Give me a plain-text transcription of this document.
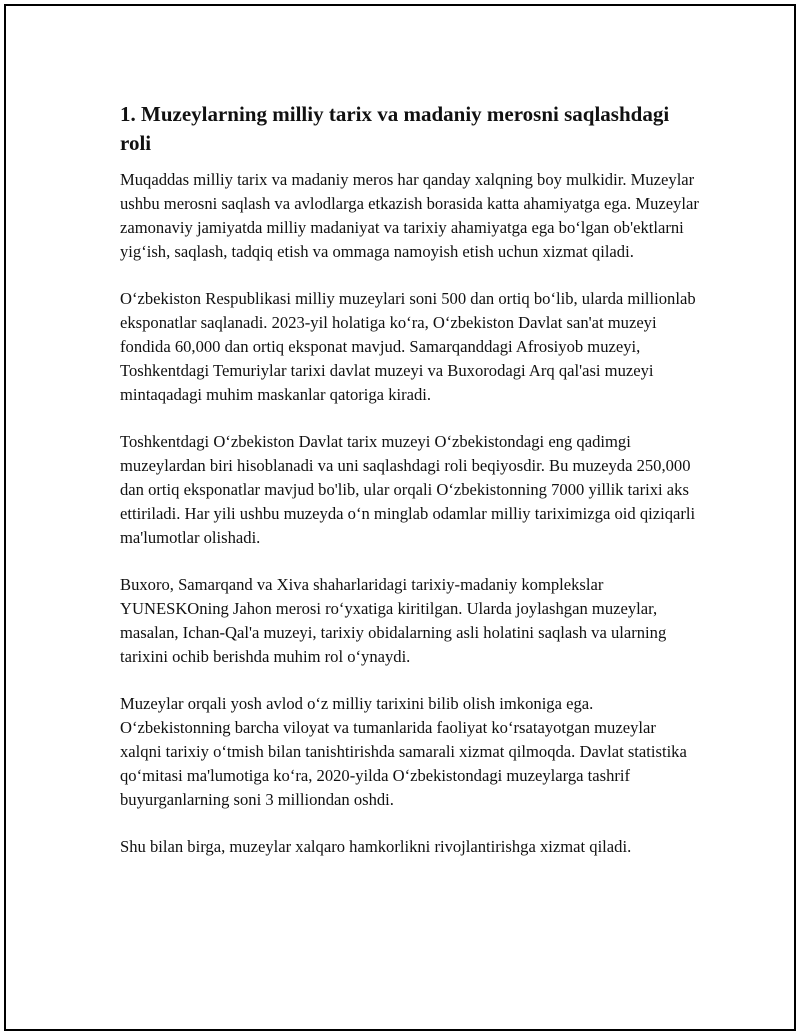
1. Muzeylarning milliy tarix va madaniy merosni saqlashdagi roli

Muqaddas milliy tarix va madaniy meros har qanday xalqning boy mulkidir. Muzeylar ushbu merosni saqlash va avlodlarga etkazish borasida katta ahamiyatga ega. Muzeylar zamonaviy jamiyatda milliy madaniyat va tarixiy ahamiyatga ega bo‘lgan ob'ektlarni yig‘ish, saqlash, tadqiq etish va ommaga namoyish etish uchun xizmat qiladi.

O‘zbekiston Respublikasi milliy muzeylari soni 500 dan ortiq bo‘lib, ularda millionlab eksponatlar saqlanadi. 2023-yil holatiga ko‘ra, O‘zbekiston Davlat san'at muzeyi fondida 60,000 dan ortiq eksponat mavjud. Samarqanddagi Afrosiyob muzeyi, Toshkentdagi Temuriylar tarixi davlat muzeyi va Buxorodagi Arq qal'asi muzeyi mintaqadagi muhim maskanlar qatoriga kiradi.

Toshkentdagi O‘zbekiston Davlat tarix muzeyi O‘zbekistondagi eng qadimgi muzeylardan biri hisoblanadi va uni saqlashdagi roli beqiyosdir. Bu muzeyda 250,000 dan ortiq eksponatlar mavjud bo'lib, ular orqali O‘zbekistonning 7000 yillik tarixi aks ettiriladi. Har yili ushbu muzeyda o‘n minglab odamlar milliy tariximizga oid qiziqarli ma'lumotlar olishadi.

Buxoro, Samarqand va Xiva shaharlaridagi tarixiy-madaniy komplekslar YUNESKOning Jahon merosi ro‘yxatiga kiritilgan. Ularda joylashgan muzeylar, masalan, Ichan-Qal'a muzeyi, tarixiy obidalarning asli holatini saqlash va ularning tarixini ochib berishda muhim rol o‘ynaydi.

Muzeylar orqali yosh avlod o‘z milliy tarixini bilib olish imkoniga ega. O‘zbekistonning barcha viloyat va tumanlarida faoliyat ko‘rsatayotgan muzeylar xalqni tarixiy o‘tmish bilan tanishtirishda samarali xizmat qilmoqda. Davlat statistika qo‘mitasi ma'lumotiga ko‘ra, 2020-yilda O‘zbekistondagi muzeylarga tashrif buyurganlarning soni 3 milliondan oshdi.

Shu bilan birga, muzeylar xalqaro hamkorlikni rivojlantirishga xizmat qiladi.
